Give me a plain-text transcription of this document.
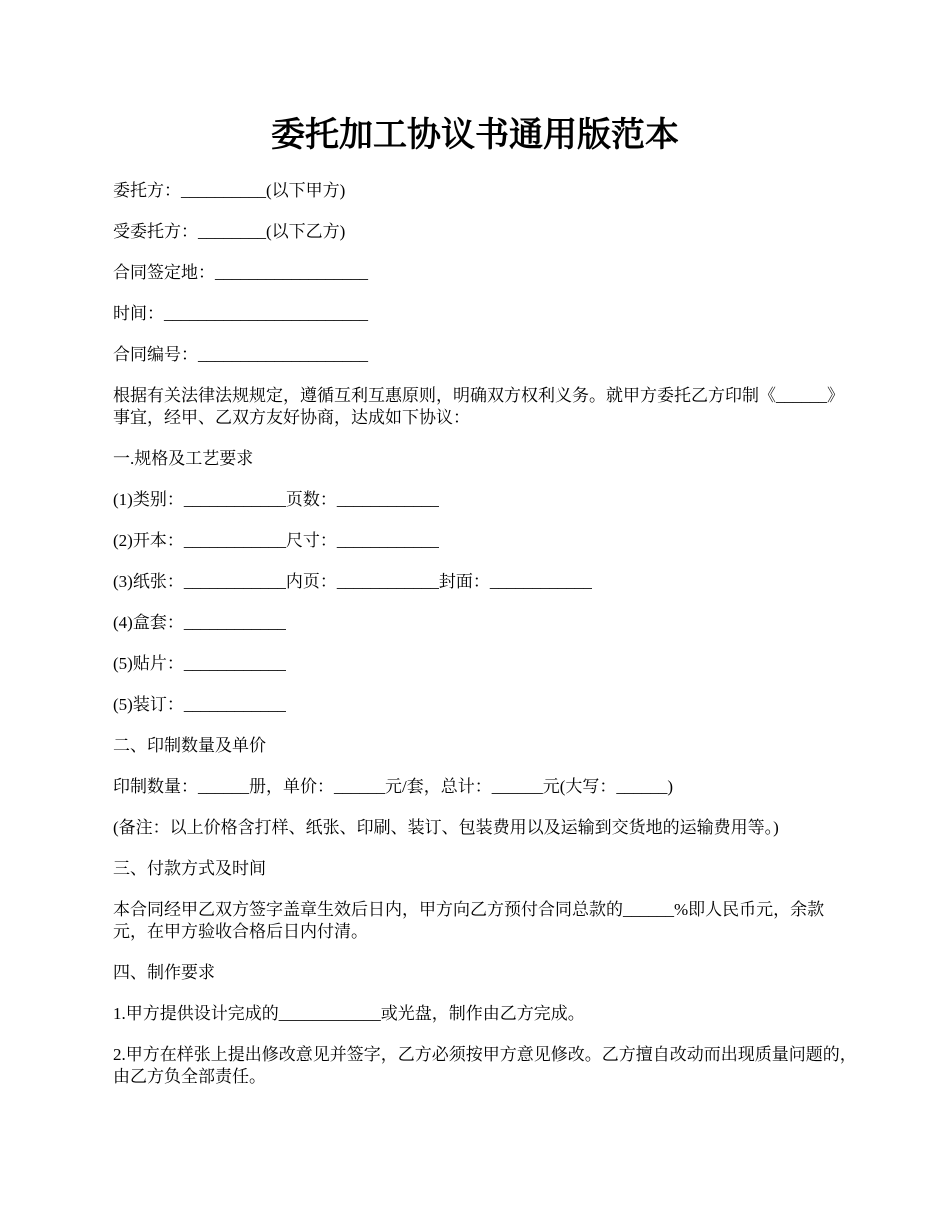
委托加工协议书通用版范本

委托方：__________(以下甲方)

受委托方：________(以下乙方)

合同签定地：__________________

时间：________________________

合同编号：____________________

根据有关法律法规规定，遵循互利互惠原则，明确双方权利义务。就甲方委托乙方印制《______》事宜，经甲、乙双方友好协商，达成如下协议：

一.规格及工艺要求

(1)类别：____________页数：____________

(2)开本：____________尺寸：____________

(3)纸张：____________内页：____________封面：____________

(4)盒套：____________

(5)贴片：____________

(5)装订：____________

二、印制数量及单价

印制数量：______册，单价：______元/套，总计：______元(大写：______)

(备注：以上价格含打样、纸张、印刷、装订、包装费用以及运输到交货地的运输费用等。)

三、付款方式及时间

本合同经甲乙双方签字盖章生效后日内，甲方向乙方预付合同总款的______%即人民币元，余款元，在甲方验收合格后日内付清。

四、制作要求

1.甲方提供设计完成的____________或光盘，制作由乙方完成。

2.甲方在样张上提出修改意见并签字，乙方必须按甲方意见修改。乙方擅自改动而出现质量问题的，由乙方负全部责任。
